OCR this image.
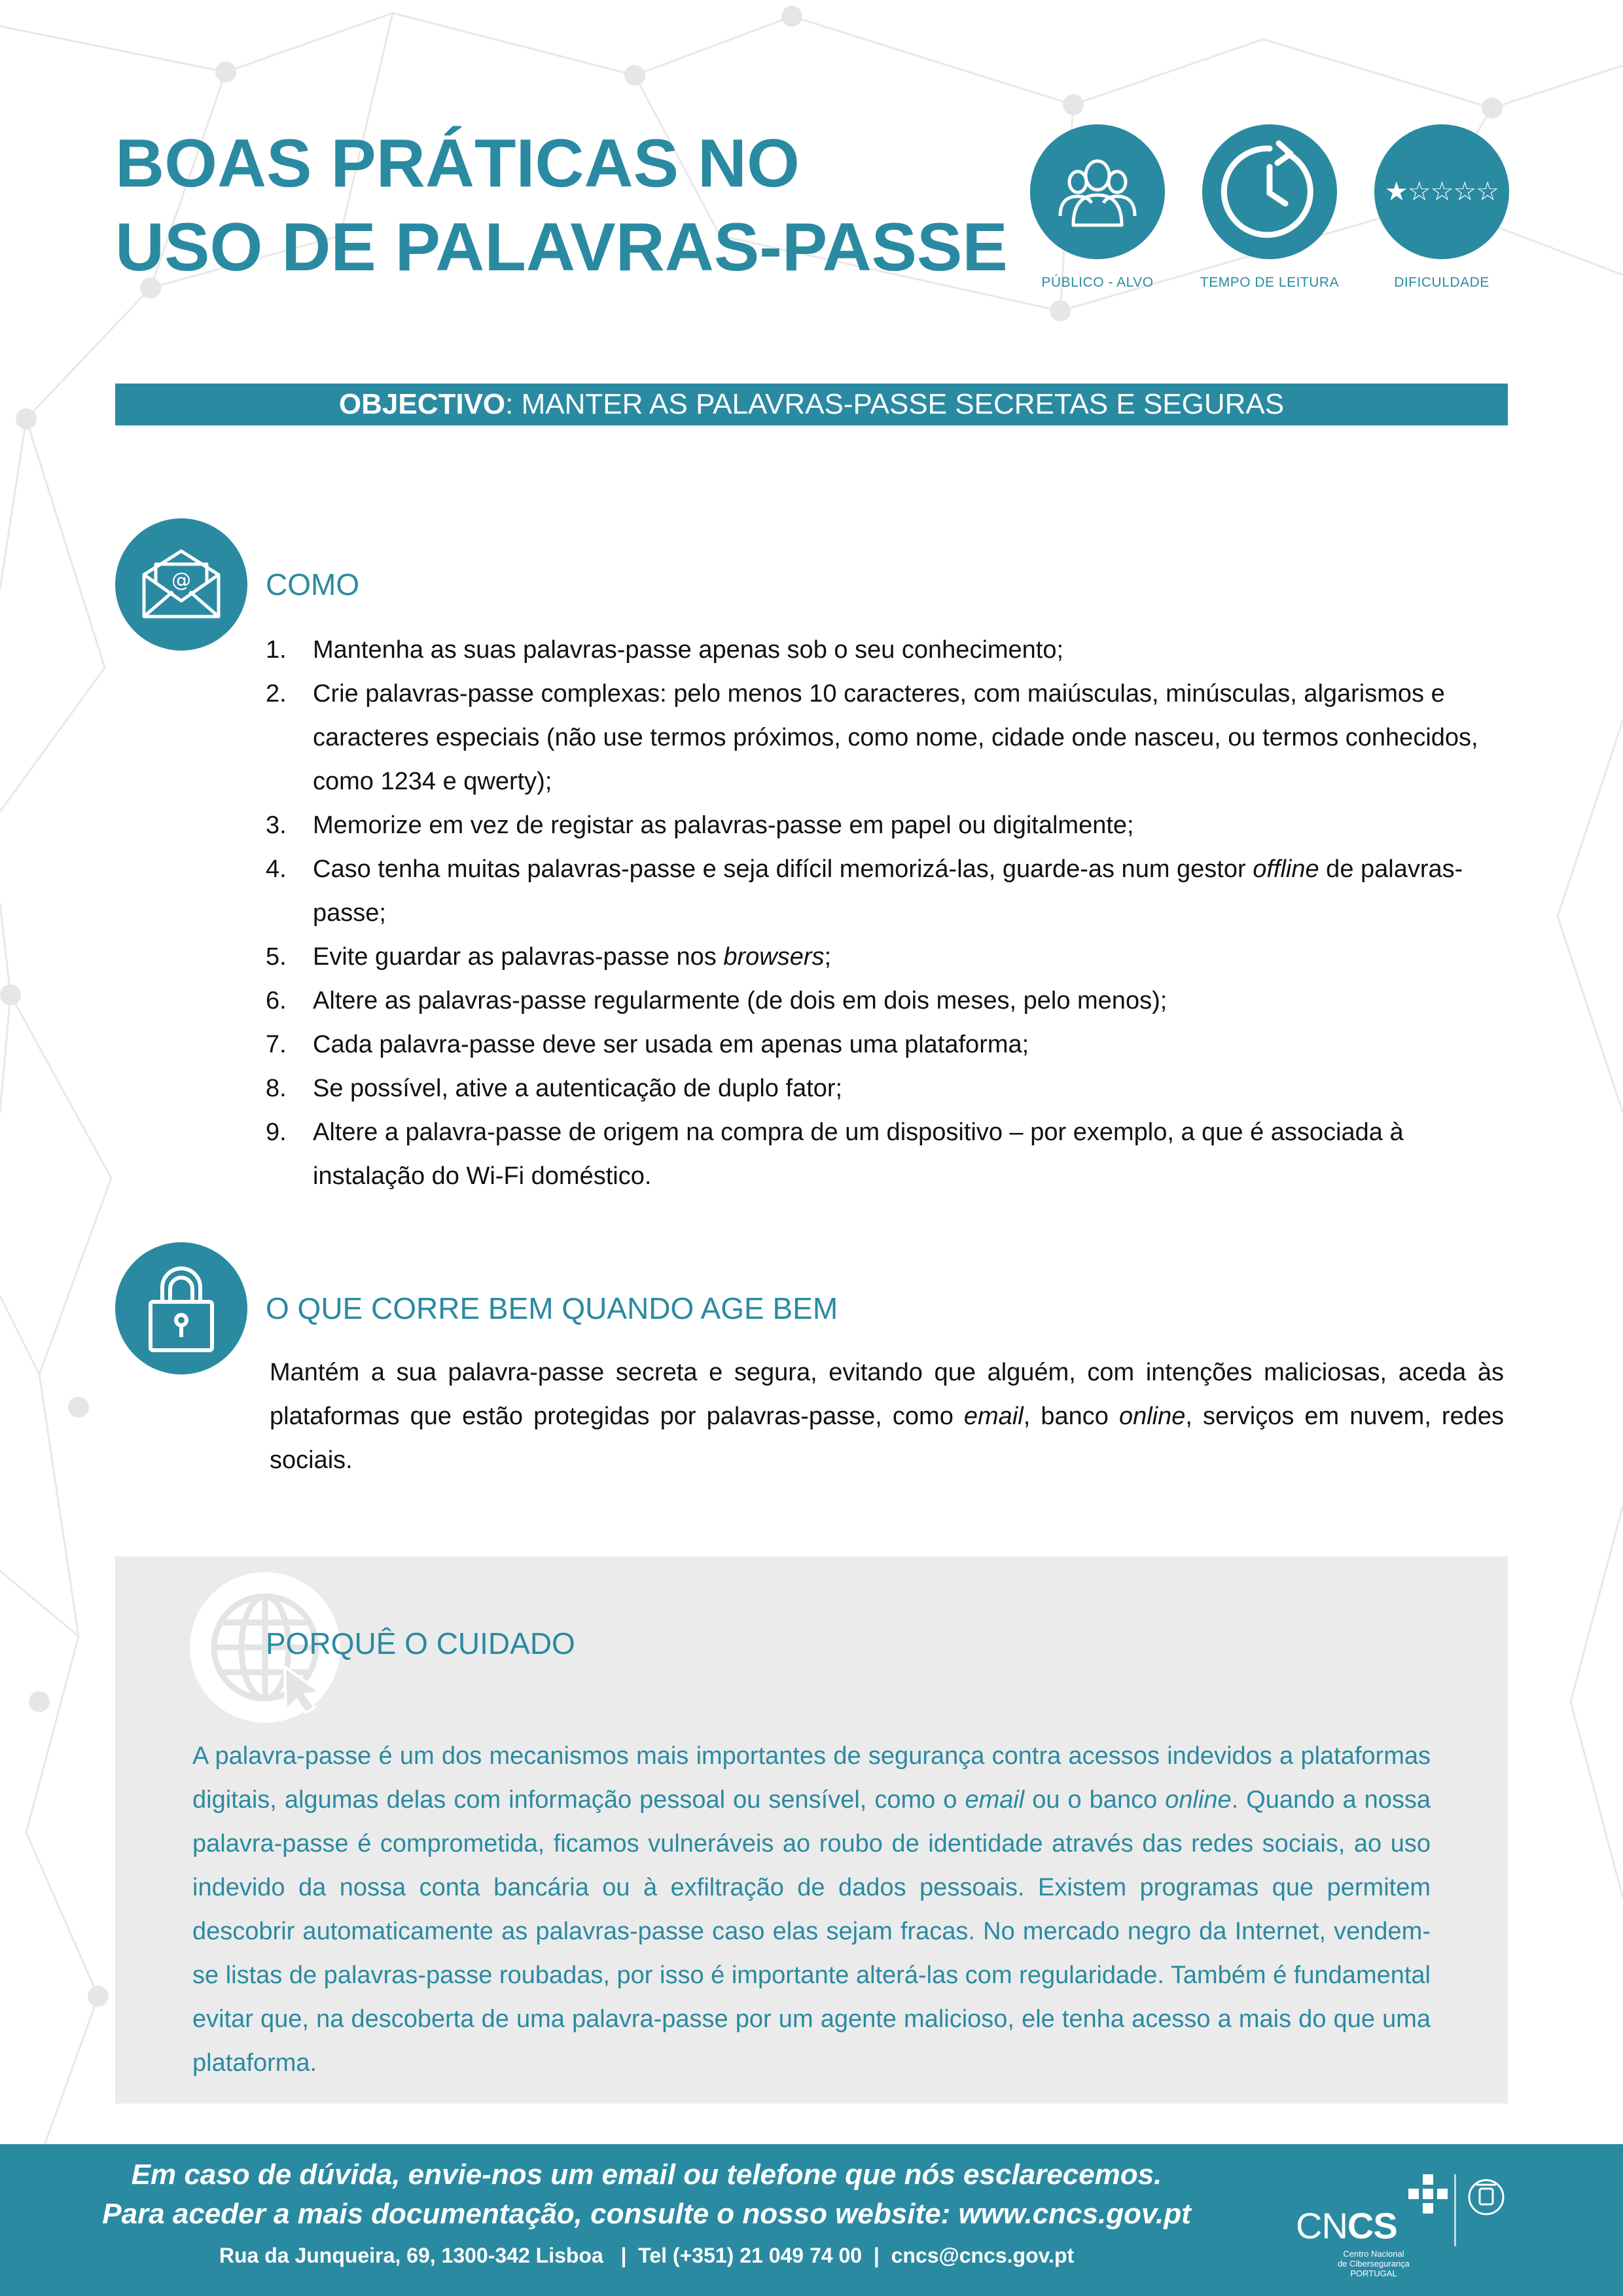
BOAS PRÁTICAS NO
USO DE PALAVRAS-PASSE	PÚBLICO - ALVO	TEMPO DE LEITURA
★☆☆☆☆
DIFICULDADE
OBJECTIVO: MANTER AS PALAVRAS-PASSE SECRETAS E SEGURAS
@ COMO
1. Mantenha as suas palavras-passe apenas sob o seu conhecimento;
2. Crie palavras-passe complexas: pelo menos 10 caracteres, com maiúsculas, minúsculas, algarismos e caracteres especiais (não use termos próximos, como nome, cidade onde nasceu, ou termos conhecidos, como 1234 e qwerty);
3. Memorize em vez de registar as palavras-passe em papel ou digitalmente;
4. Caso tenha muitas palavras-passe e seja difícil memorizá-las, guarde-as num gestor offline de palavras-passe;
5. Evite guardar as palavras-passe nos browsers;
6. Altere as palavras-passe regularmente (de dois em dois meses, pelo menos);
7. Cada palavra-passe deve ser usada em apenas uma plataforma;
8. Se possível, ative a autenticação de duplo fator;
9. Altere a palavra-passe de origem na compra de um dispositivo – por exemplo, a que é associada à instalação do Wi-Fi doméstico.
O QUE CORRE BEM QUANDO AGE BEM

Mantém a sua palavra-passe secreta e segura, evitando que alguém, com intenções maliciosas, aceda às plataformas que estão protegidas por palavras-passe, como email, banco online, serviços em nuvem, redes sociais.

PORQUÊ O CUIDADO

A palavra-passe é um dos mecanismos mais importantes de segurança contra acessos indevidos a plataformas digitais, algumas delas com informação pessoal ou sensível, como o email ou o banco online. Quando a nossa palavra-passe é comprometida, ficamos vulneráveis ao roubo de identidade através das redes sociais, ao uso indevido da nossa conta bancária ou à exfiltração de dados pessoais. Existem programas que permitem descobrir automaticamente as palavras-passe caso elas sejam fracas. No mercado negro da Internet, vendem-se listas de palavras-passe roubadas, por isso é importante alterá-las com regularidade. Também é fundamental evitar que, na descoberta de uma palavra-passe por um agente malicioso, ele tenha acesso a mais do que uma plataforma.

Em caso de dúvida, envie-nos um email ou telefone que nós esclarecemos.
Para aceder a mais documentação, consulte o nosso website: www.cncs.gov.pt
Rua da Junqueira, 69, 1300-342 Lisboa   |  Tel (+351) 21 049 74 00  |  cncs@cncs.gov.pt
CNCS
Centro Nacional
de Cibersegurança
PORTUGAL
